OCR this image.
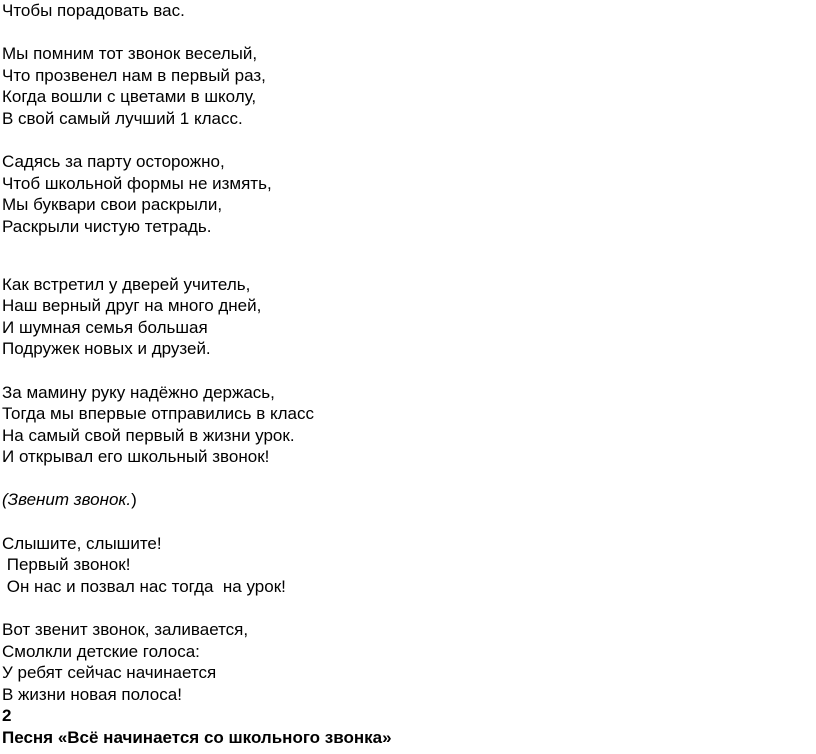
Чтобы порадовать вас.
Мы помним тот звонок веселый,
Что прозвенел нам в первый раз,
Когда вошли с цветами в школу,
В свой самый лучший 1 класс.
Садясь за парту осторожно,
Чтоб школьной формы не измять,
Мы буквари свои раскрыли,
Раскрыли чистую тетрадь.
Как встретил у дверей учитель,
Наш верный друг на много дней,
И шумная семья большая
Подружек новых и друзей.
За мамину руку надёжно держась,
Тогда мы впервые отправились в класс
На самый свой первый в жизни урок.
И открывал его школьный звонок!
(Звенит звонок.)
Слышите, слышите!
Первый звонок!
Он нас и позвал нас тогда  на урок!
Вот звенит звонок, заливается,
Смолкли детские голоса:
У ребят сейчас начинается
В жизни новая полоса!
2
Песня «Всё начинается со школьного звонка»
